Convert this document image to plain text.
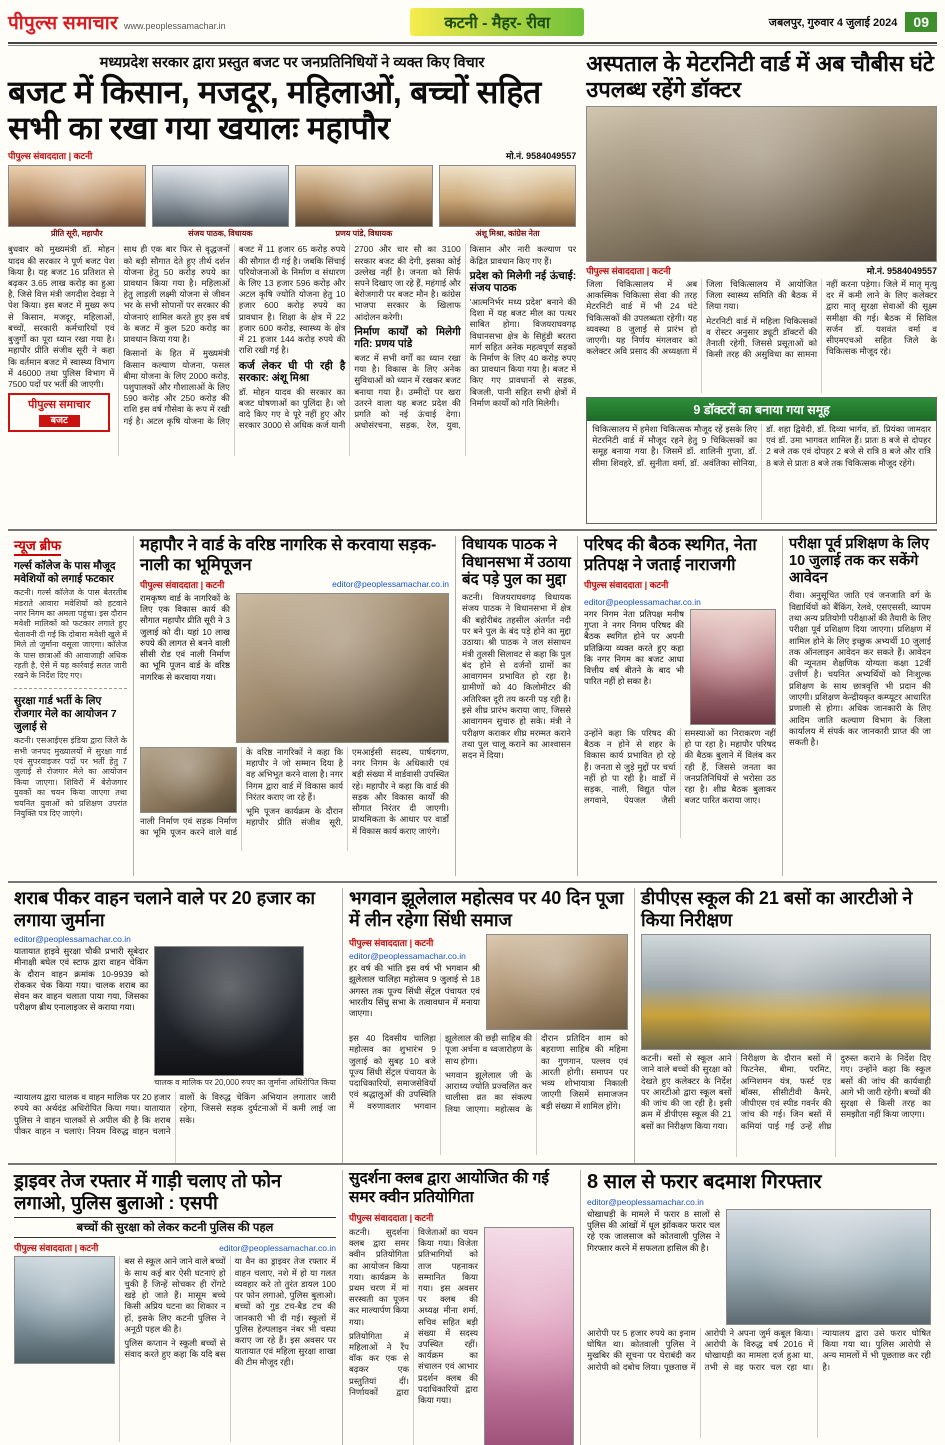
पीपुल्स समाचार www.peoplessamachar.in	कटनी - मैहर- रीवा	जबलपुर, गुरुवार 4 जुलाई 2024	09
मध्यप्रदेश सरकार द्वारा प्रस्तुत बजट पर जनप्रतिनिधियों ने व्यक्त किए विचार
बजट में किसान, मजदूर, महिलाओं, बच्चों सहित सभी का रखा गया खयालः महापौर
पीपुल्स संवाददाता | कटनी	मो.नं. 9584049557
प्रीति सूरी, महापौर	संजय पाठक, विधायक	प्रणय पांडे, विधायक	अंशू मिश्रा, कांग्रेस नेता

बुधवार को मुख्यमंत्री डॉ. मोहन यादव की सरकार ने पूर्ण बजट पेश किया है। यह बजट 16 प्रतिशत से बढ़कर 3.65 लाख करोड़ का हुआ है, जिसे वित्त मंत्री जगदीश देवड़ा ने पेश किया। इस बजट में मुख्य रूप से किसान, मजदूर, महिलाओं, बच्चों, सरकारी कर्मचारियों एवं बुजुर्गों का पूरा ध्यान रखा गया है। महापौर प्रीति संजीव सूरी ने कहा कि वर्तमान बजट में स्वास्थ्य विभाग में 46000 तथा पुलिस विभाग में 7500 पदों पर भर्ती की जाएगी।

पीपुल्स समाचार
बजट

साथ ही एक बार फिर से वृद्धजनों को बड़ी सौगात देते हुए तीर्थ दर्शन योजना हेतु 50 करोड़ रुपये का प्रावधान किया गया है। महिलाओं हेतु लाड़ली लक्ष्मी योजना से जीवन भर के सभी सोपानों पर सरकार की योजनाएं शामिल करते हुए इस वर्ष के बजट में कुल 520 करोड़ का प्रावधान किया गया है।

किसानों के हित में मुख्यमंत्री किसान कल्याण योजना, फसल बीमा योजना के लिए 2000 करोड़, पशुपालकों और गौशालाओं के लिए 590 करोड़ और 250 करोड़ की राशि इस वर्ष गौसेवा के रूप में रखी गई है। अटल कृषि योजना के लिए बजट में 11 हजार 65 करोड़ रुपये की सौगात दी गई है। जबकि सिंचाई परियोजनाओं के निर्माण व संधारण के लिए 13 हजार 596 करोड़ और अटल कृषि ज्योति योजना हेतु 10 हजार 600 करोड़ रुपये का प्रावधान है। शिक्षा के क्षेत्र में 22 हजार 600 करोड़, स्वास्थ्य के क्षेत्र में 21 हजार 144 करोड़ रुपये की राशि रखी गई है।

कर्ज लेकर घी पी रही है सरकार: अंशू मिश्रा

डॉ. मोहन यादव की सरकार का बजट घोषणाओं का पुलिंदा है। जो वादे किए गए वे पूरे नहीं हुए और सरकार 3000 से अधिक कर्ज यानी 2700 और चार सौ का 3100 सरकार बजट की देगी, इसका कोई उल्लेख नहीं है। जनता को सिर्फ सपने दिखाए जा रहे हैं, महंगाई और बेरोजगारी पर बजट मौन है। कांग्रेस भाजपा सरकार के खिलाफ आंदोलन करेगी।

निर्माण कार्यों को मिलेगी गति: प्रणय पांडे

बजट में सभी वर्गों का ध्यान रखा गया है। विकास के लिए अनेक सुविधाओं को ध्यान में रखकर बजट बनाया गया है। उम्मीदों पर खरा उतरने वाला यह बजट प्रदेश की प्रगति को नई ऊंचाई देगा। अधोसंरचना, सड़क, रेल, युवा, किसान और नारी कल्याण पर केंद्रित प्रावधान किए गए हैं।

प्रदेश को मिलेगी नई ऊंचाई: संजय पाठक

'आत्मनिर्भर मध्य प्रदेश' बनाने की दिशा में यह बजट मील का पत्थर साबित होगा। विजयराघवगढ़ विधानसभा क्षेत्र के सिहुंडी बरतरा मार्ग सहित अनेक महत्वपूर्ण सड़कों के निर्माण के लिए 40 करोड़ रुपए का प्रावधान किया गया है। बजट में किए गए प्रावधानों से सड़क, बिजली, पानी सहित सभी क्षेत्रों में निर्माण कार्यों को गति मिलेगी।

अस्पताल के मेटरनिटी वार्ड में अब चौबीस घंटे उपलब्ध रहेंगे डॉक्टर
पीपुल्स संवाददाता | कटनी	मो.नं. 9584049557

जिला चिकित्सालय में अब आकस्मिक चिकित्सा सेवा की तरह मेटरनिटी वार्ड में भी 24 घंटे चिकित्सकों की उपलब्धता रहेगी। यह व्यवस्था 8 जुलाई से प्रारंभ हो जाएगी। यह निर्णय मंगलवार को कलेक्टर अवि प्रसाद की अध्यक्षता में जिला चिकित्सालय में आयोजित जिला स्वास्थ्य समिति की बैठक में लिया गया।

मेटरनिटी वार्ड में महिला चिकित्सकों व रोस्टर अनुसार ड्यूटी डॉक्टरों की तैनाती रहेगी, जिससे प्रसूताओं को किसी तरह की असुविधा का सामना नहीं करना पड़ेगा। जिले में मातृ मृत्यु दर में कमी लाने के लिए कलेक्टर द्वारा मातृ सुरक्षा सेवाओं की सूक्ष्म समीक्षा की गई। बैठक में सिविल सर्जन डॉ. यशवंत वर्मा व सीएमएचओ सहित जिले के चिकित्सक मौजूद रहे।

9 डॉक्टरों का बनाया गया समूह

चिकित्सालय में हमेशा चिकित्सक मौजूद रहें इसके लिए मेटरनिटी वार्ड में मौजूद रहने हेतु 9 चिकित्सकों का समूह बनाया गया है। जिसमें डॉ. शालिनी गुप्ता, डॉ. सीमा शिवहरे, डॉ. सुनीता वर्मा, डॉ. अवंतिका सोनिया, डॉ. शहा द्विवेदी, डॉ. दिव्या भार्गव, डॉ. प्रियंका जामदार एवं डॉ. उमा भागवत शामिल हैं। प्रातः 8 बजे से दोपहर 2 बजे तक एवं दोपहर 2 बजे से रात्रि 8 बजे और रात्रि 8 बजे से प्रातः 8 बजे तक चिकित्सक मौजूद रहेंगे।

न्यूज ब्रीफ
गर्ल्स कॉलेज के पास मौजूद मवेशियों को लगाई फटकार

कटनी। गर्ल्स कॉलेज के पास बेतरतीब मंडराते आवारा मवेशियों को हटवाने नगर निगम का अमला पहुंचा। इस दौरान मवेशी मालिकों को फटकार लगाते हुए चेतावनी दी गई कि दोबारा मवेशी खुले में मिले तो जुर्माना वसूला जाएगा। कॉलेज के पास छात्राओं की आवाजाही अधिक रहती है, ऐसे में यह कार्रवाई सतत जारी रखने के निर्देश दिए गए।

सुरक्षा गार्ड भर्ती के लिए रोजगार मेले का आयोजन 7 जुलाई से

कटनी। एसआईएस इंडिया द्वारा जिले के सभी जनपद मुख्यालयों में सुरक्षा गार्ड एवं सुपरवाइजर पदों पर भर्ती हेतु 7 जुलाई से रोजगार मेले का आयोजन किया जाएगा। शिविरों में बेरोजगार युवकों का चयन किया जाएगा तथा चयनित युवाओं को प्रशिक्षण उपरांत नियुक्ति पत्र दिए जाएंगे।

महापौर ने वार्ड के वरिष्ठ नागरिक से करवाया सड़क-नाली का भूमिपूजन
पीपुल्स संवाददाता | कटनी	editor@peoplessamachar.co.in

रामकृष्ण वार्ड के नागरिकों के लिए एक विकास कार्य की सौगात महापौर प्रीति सूरी ने 3 जुलाई को दी। यहां 10 लाख रुपये की लागत से बनने वाली सीसी रोड एवं नाली निर्माण का भूमि पूजन वार्ड के वरिष्ठ नागरिक से करवाया गया।

नाली निर्माण एवं सड़क निर्माण का भूमि पूजन करने वाले वार्ड के वरिष्ठ नागरिकों ने कहा कि महापौर ने जो सम्मान दिया है वह अभिभूत करने वाला है। नगर निगम द्वारा वार्ड में विकास कार्य निरंतर कराए जा रहे हैं।

भूमि पूजन कार्यक्रम के दौरान महापौर प्रीति संजीव सूरी, एमआईसी सदस्य, पार्षदगण, नगर निगम के अधिकारी एवं बड़ी संख्या में वार्डवासी उपस्थित रहे। महापौर ने कहा कि वार्ड की सड़क और विकास कार्यों की सौगात निरंतर दी जाएगी। प्राथमिकता के आधार पर वार्डों में विकास कार्य कराए जाएंगे।

विधायक पाठक ने विधानसभा में उठाया बंद पड़े पुल का मुद्दा

कटनी। विजयराघवगढ़ विधायक संजय पाठक ने विधानसभा में क्षेत्र की बहोरीबंद तहसील अंतर्गत नदी पर बने पुल के बंद पड़े होने का मुद्दा उठाया। श्री पाठक ने जल संसाधन मंत्री तुलसी सिलावट से कहा कि पुल बंद होने से दर्जनों ग्रामों का आवागमन प्रभावित हो रहा है। ग्रामीणों को 40 किलोमीटर की अतिरिक्त दूरी तय करनी पड़ रही है। इसे शीघ्र प्रारंभ कराया जाए, जिससे आवागमन सुचारु हो सके। मंत्री ने परीक्षण कराकर शीघ्र मरम्मत कराने तथा पुल चालू कराने का आश्वासन सदन में दिया।

परिषद की बैठक स्थगित, नेता प्रतिपक्ष ने जताई नाराजगी
पीपुल्स संवाददाता | कटनी
editor@peoplessamachar.co.in

नगर निगम नेता प्रतिपक्ष मनीष गुप्ता ने नगर निगम परिषद की बैठक स्थगित होने पर अपनी प्रतिक्रिया व्यक्त करते हुए कहा कि नगर निगम का बजट आधा वित्तीय वर्ष बीतने के बाद भी पारित नहीं हो सका है।

उन्होंने कहा कि परिषद की बैठक न होने से शहर के विकास कार्य प्रभावित हो रहे हैं। जनता से जुड़े मुद्दों पर चर्चा नहीं हो पा रही है। वार्डों में सड़क, नाली, विद्युत पोल लगवाने, पेयजल जैसी समस्याओं का निराकरण नहीं हो पा रहा है। महापौर परिषद की बैठक बुलाने में विलंब कर रही हैं, जिससे जनता का जनप्रतिनिधियों से भरोसा उठ रहा है। शीघ्र बैठक बुलाकर बजट पारित कराया जाए।

परीक्षा पूर्व प्रशिक्षण के लिए 10 जुलाई तक कर सकेंगे आवेदन

रीवा। अनुसूचित जाति एवं जनजाति वर्ग के विद्यार्थियों को बैंकिंग, रेलवे, एसएससी, व्यापम तथा अन्य प्रतियोगी परीक्षाओं की तैयारी के लिए परीक्षा पूर्व प्रशिक्षण दिया जाएगा। प्रशिक्षण में शामिल होने के लिए इच्छुक अभ्यर्थी 10 जुलाई तक ऑनलाइन आवेदन कर सकते हैं। आवेदन की न्यूनतम शैक्षणिक योग्यता कक्षा 12वीं उत्तीर्ण है। चयनित अभ्यर्थियों को निःशुल्क प्रशिक्षण के साथ छात्रवृत्ति भी प्रदान की जाएगी। प्रशिक्षण केन्द्रीयकृत कम्प्यूटर आधारित प्रणाली से होगा। अधिक जानकारी के लिए आदिम जाति कल्याण विभाग के जिला कार्यालय में संपर्क कर जानकारी प्राप्त की जा सकती है।

शराब पीकर वाहन चलाने वाले पर 20 हजार का लगाया जुर्माना
editor@peoplessamachar.co.in

यातायात हाइवे सुरक्षा चौकी प्रभारी सूबेदार मीनाक्षी बघेल एवं स्टाफ द्वारा वाहन चेकिंग के दौरान वाहन क्रमांक 10-9939 को रोककर चेक किया गया। चालक शराब का सेवन कर वाहन चलाता पाया गया, जिसका परीक्षण ब्रीथ एनालाइजर से कराया गया।

चालक व मालिक पर 20,000 रुपए का जुर्माना अधिरोपित किया

न्यायालय द्वारा चालक व वाहन मालिक पर 20 हजार रुपये का अर्थदंड अधिरोपित किया गया। यातायात पुलिस ने वाहन चालकों से अपील की है कि शराब पीकर वाहन न चलाएं। नियम विरुद्ध वाहन चलाने वालों के विरुद्ध चेकिंग अभियान लगातार जारी रहेगा, जिससे सड़क दुर्घटनाओं में कमी लाई जा सके।

भगवान झूलेलाल महोत्सव पर 40 दिन पूजा में लीन रहेगा सिंधी समाज
पीपुल्स संवाददाता | कटनी
editor@peoplessamachar.co.in

हर वर्ष की भांति इस वर्ष भी भगवान श्री झूलेलाल चालिहा महोत्सव 9 जुलाई से 18 अगस्त तक पूज्य सिंधी सेंट्रल पंचायत एवं भारतीय सिंधु सभा के तत्वावधान में मनाया जाएगा।

इस 40 दिवसीय चालिहा महोत्सव का शुभारंभ 9 जुलाई को सुबह 10 बजे पूज्य सिंधी सेंट्रल पंचायत के पदाधिकारियों, समाजसेवियों एवं श्रद्धालुओं की उपस्थिति में वरुणावतार भगवान झूलेलाल की छड़ी साहिब की पूजा अर्चना व ध्वजारोहण के साथ होगा।

भगवान झूलेलाल जी के आराध्य ज्योति प्रज्वलित कर चालीसा व्रत का संकल्प लिया जाएगा। महोत्सव के दौरान प्रतिदिन शाम को बहराणा साहिब की महिमा का गुणगान, पल्लव एवं आरती होगी। समापन पर भव्य शोभायात्रा निकाली जाएगी जिसमें समाजजन बड़ी संख्या में शामिल होंगे।

डीपीएस स्कूल की 21 बसों का आरटीओ ने किया निरीक्षण

कटनी। बसों से स्कूल आने जाने वाले बच्चों की सुरक्षा को देखते हुए कलेक्टर के निर्देश पर आरटीओ द्वारा स्कूल बसों की जांच की जा रही है। इसी क्रम में डीपीएस स्कूल की 21 बसों का निरीक्षण किया गया।

निरीक्षण के दौरान बसों में फिटनेस, बीमा, परमिट, अग्निशमन यंत्र, फर्स्ट एड बॉक्स, सीसीटीवी कैमरे, जीपीएस एवं स्पीड गवर्नर की जांच की गई। जिन बसों में कमियां पाई गईं उन्हें शीघ्र दुरुस्त कराने के निर्देश दिए गए। उन्होंने कहा कि स्कूल बसों की जांच की कार्यवाही आगे भी जारी रहेगी। बच्चों की सुरक्षा से किसी तरह का समझौता नहीं किया जाएगा।

ड्राइवर तेज रफ्तार में गाड़ी चलाए तो फोन लगाओ, पुलिस बुलाओ : एसपी
बच्चों की सुरक्षा को लेकर कटनी पुलिस की पहल
पीपुल्स संवाददाता | कटनी	editor@peoplessamachar.co.in

बस से स्कूल आने जाने वाले बच्चों के साथ कई बार ऐसी घटनाएं हो चुकी हैं जिन्हें सोचकर ही रोंगटे खड़े हो जाते हैं। मासूम बच्चे किसी अप्रिय घटना का शिकार न हों, इसके लिए कटनी पुलिस ने अनूठी पहल की है।

पुलिस कप्तान ने स्कूली बच्चों से संवाद करते हुए कहा कि यदि बस या वैन का ड्राइवर तेज रफ्तार में वाहन चलाए, नशे में हो या गलत व्यवहार करे तो तुरंत डायल 100 पर फोन लगाओ, पुलिस बुलाओ। बच्चों को गुड टच-बैड टच की जानकारी भी दी गई। स्कूलों में पुलिस हेल्पलाइन नंबर भी चस्पा कराए जा रहे हैं। इस अवसर पर यातायात एवं महिला सुरक्षा शाखा की टीम मौजूद रही।

सुदर्शना क्लब द्वारा आयोजित की गई समर क्वीन प्रतियोगिता
पीपुल्स संवाददाता | कटनी

कटनी। सुदर्शना क्लब द्वारा समर क्वीन प्रतियोगिता का आयोजन किया गया। कार्यक्रम के प्रथम चरण में मां सरस्वती का पूजन कर माल्यार्पण किया गया।

प्रतियोगिता में महिलाओं ने रैंप वॉक कर एक से बढ़कर एक प्रस्तुतियां दीं। निर्णायकों द्वारा विजेताओं का चयन किया गया। विजेता प्रतिभागियों को ताज पहनाकर सम्मानित किया गया। इस अवसर पर क्लब की अध्यक्ष मीना शर्मा, सचिव सहित बड़ी संख्या में सदस्य उपस्थित रहीं। कार्यक्रम का संचालन एवं आभार प्रदर्शन क्लब की पदाधिकारियों द्वारा किया गया।

8 साल से फरार बदमाश गिरफ्तार
editor@peoplessamachar.co.in

धोखाधड़ी के मामले में फरार 8 सालों से पुलिस की आंखों में धूल झोंककर फरार चल रहे एक जालसाज को कोतवाली पुलिस ने गिरफ्तार करने में सफलता हासिल की है।

आरोपी पर 5 हजार रुपये का इनाम घोषित था। कोतवाली पुलिस ने मुखबिर की सूचना पर घेराबंदी कर आरोपी को दबोच लिया। पूछताछ में आरोपी ने अपना जुर्म कबूल किया। आरोपी के विरुद्ध वर्ष 2016 में धोखाधड़ी का मामला दर्ज हुआ था, तभी से वह फरार चल रहा था। न्यायालय द्वारा उसे फरार घोषित किया गया था। पुलिस आरोपी से अन्य मामलों में भी पूछताछ कर रही है।
